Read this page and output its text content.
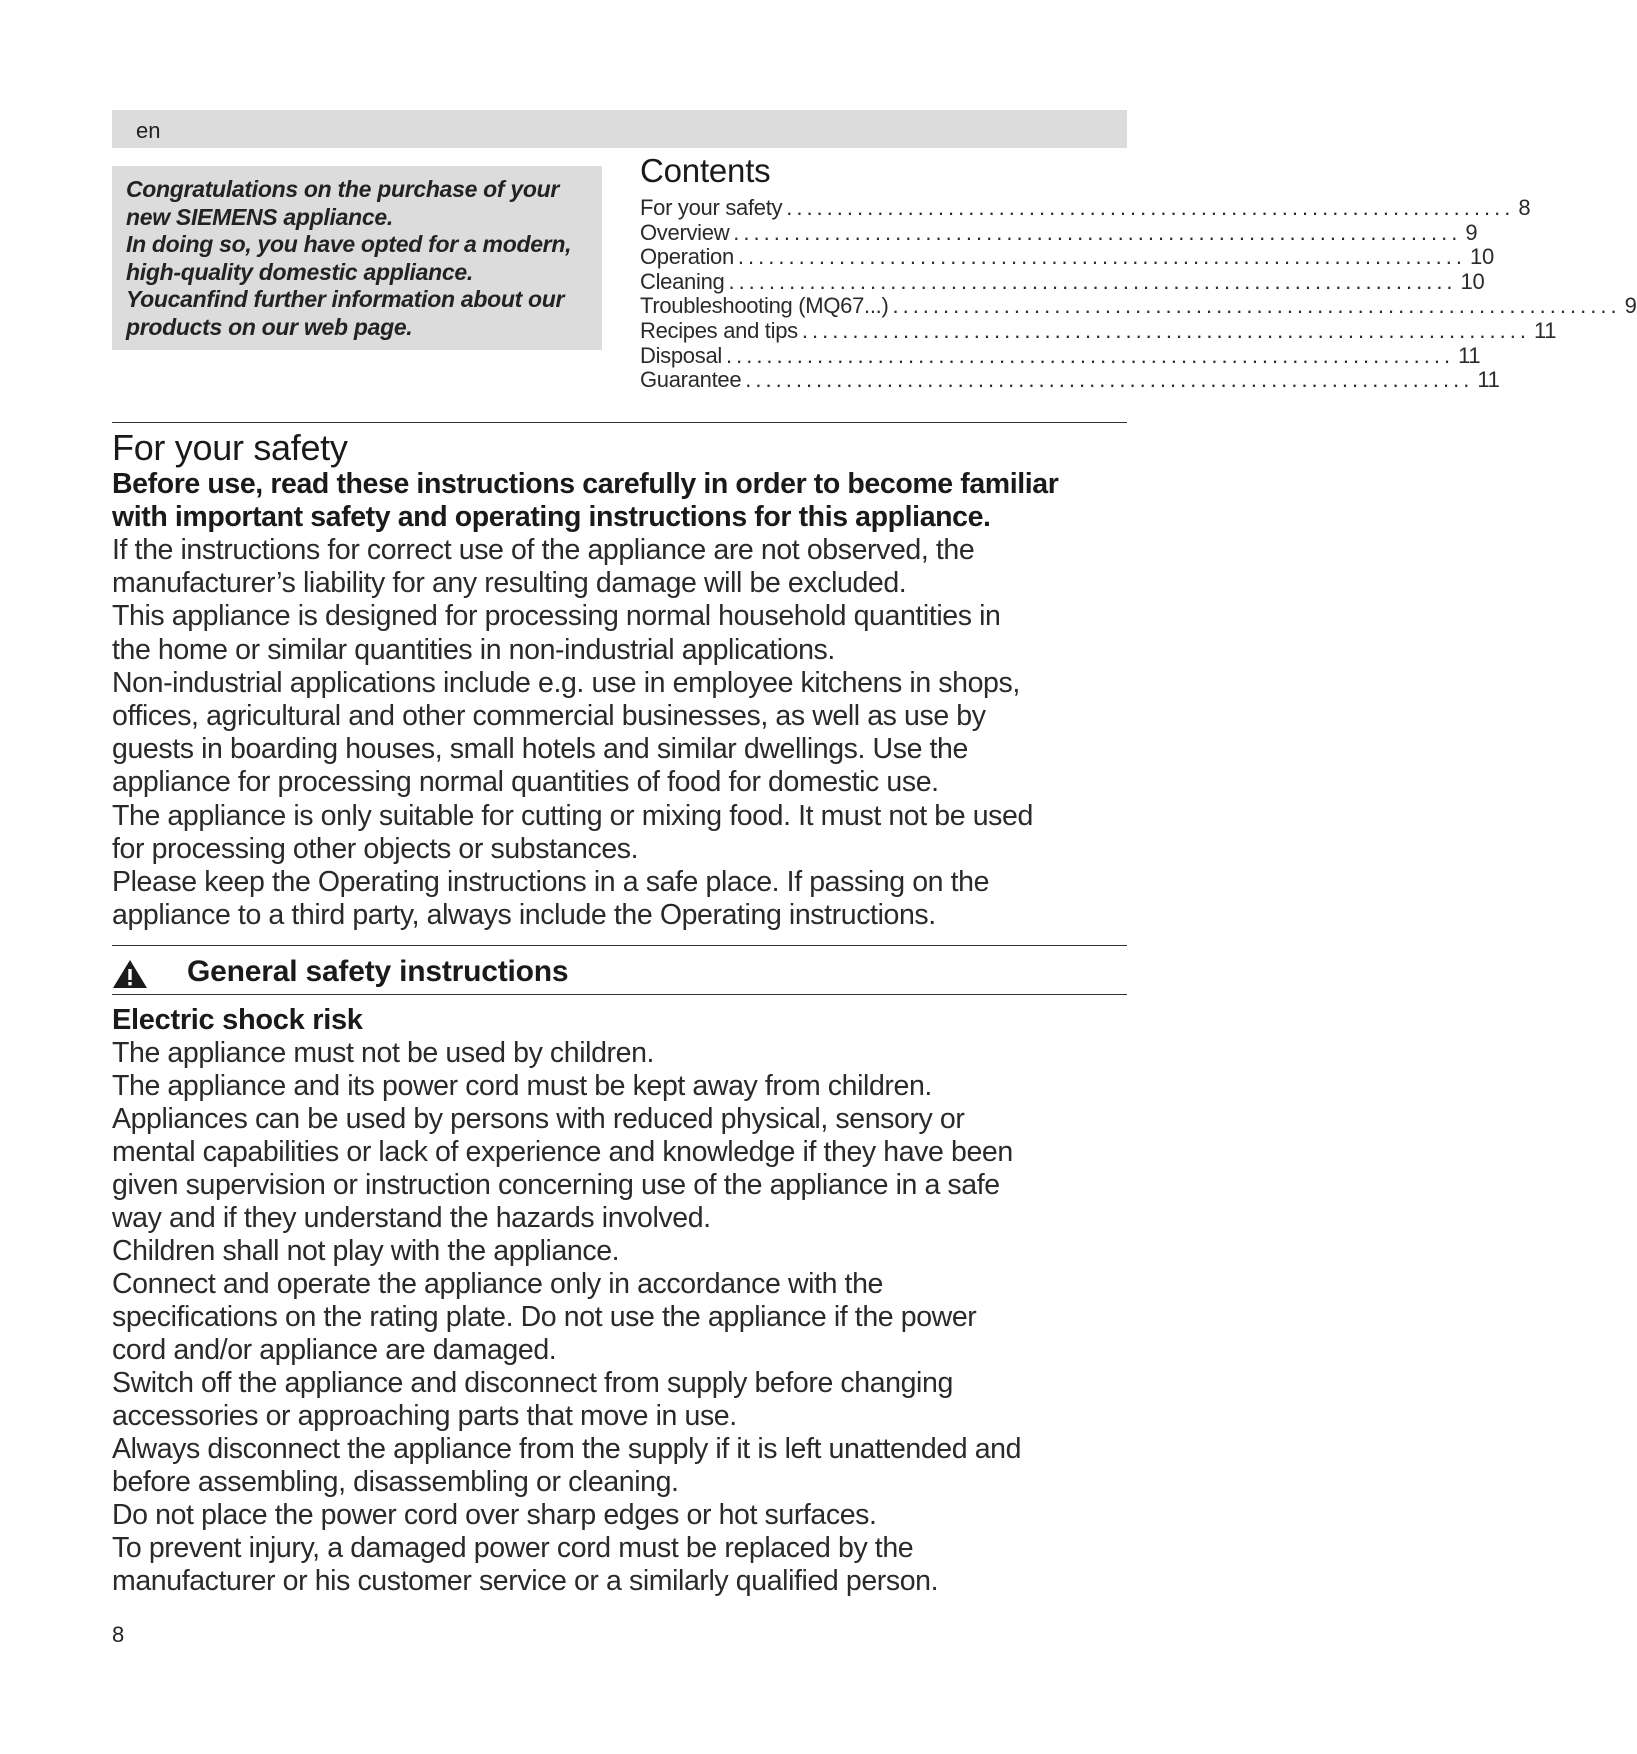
en

Congratulations on the purchase of your

new SIEMENS appliance.

In doing so, you have opted for a modern,

high-quality domestic appliance.

Youcanfind further information about our

products on our web page.

Contents
For your safety ........................................................................ 8
Overview ........................................................................ 9
Operation ........................................................................ 10
Cleaning ........................................................................ 10
Troubleshooting (MQ67...) ........................................................................ 9
Recipes and tips ........................................................................ 11
Disposal ........................................................................ 11
Guarantee ........................................................................ 11
For your safety

Before use, read these instructions carefully in order to become familiar

with important safety and operating instructions for this appliance.

If the instructions for correct use of the appliance are not observed, the

manufacturer’s liability for any resulting damage will be excluded.

This appliance is designed for processing normal household quantities in

the home or similar quantities in non-industrial applications.

Non-industrial applications include e.g. use in employee kitchens in shops,

offices, agricultural and other commercial businesses, as well as use by

guests in boarding houses, small hotels and similar dwellings. Use the

appliance for processing normal quantities of food for domestic use.

The appliance is only suitable for cutting or mixing food. It must not be used

for processing other objects or substances.

Please keep the Operating instructions in a safe place. If passing on the

appliance to a third party, always include the Operating instructions.

General safety instructions
Electric shock risk

The appliance must not be used by children.

The appliance and its power cord must be kept away from children.

Appliances can be used by persons with reduced physical, sensory or

mental capabilities or lack of experience and knowledge if they have been

given supervision or instruction concerning use of the appliance in a safe

way and if they understand the hazards involved.

Children shall not play with the appliance.

Connect and operate the appliance only in accordance with the

specifications on the rating plate. Do not use the appliance if the power

cord and/or appliance are damaged.

Switch off the appliance and disconnect from supply before changing

accessories or approaching parts that move in use.

Always disconnect the appliance from the supply if it is left unattended and

before assembling, disassembling or cleaning.

Do not place the power cord over sharp edges or hot surfaces.

To prevent injury, a damaged power cord must be replaced by the

manufacturer or his customer service or a similarly qualified person.

8
